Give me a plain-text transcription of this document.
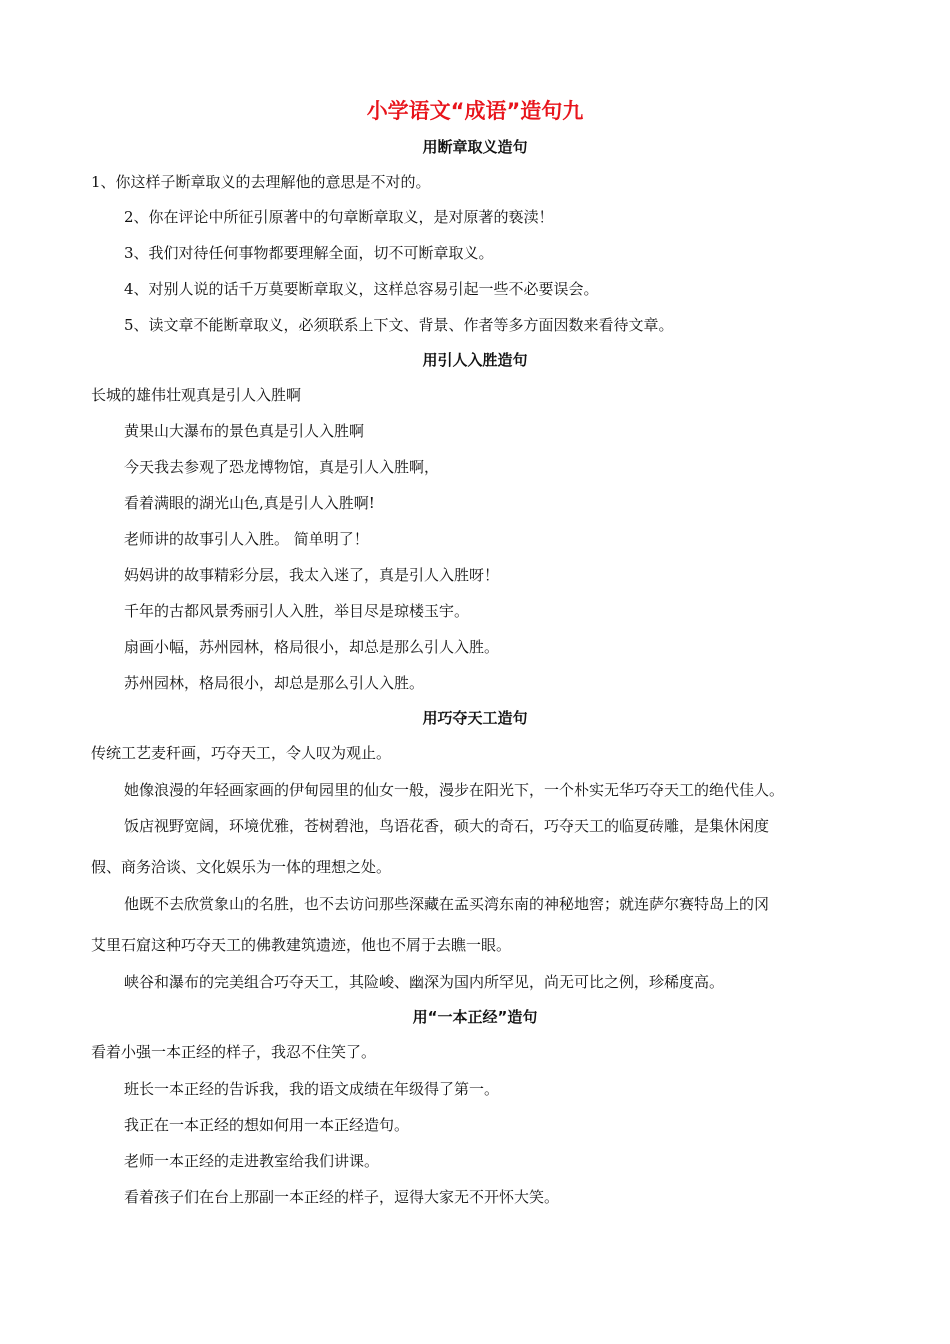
小学语文“成语”造句九
用断章取义造句
1、你这样子断章取义的去理解他的意思是不对的。
2、你在评论中所征引原著中的句章断章取义，是对原著的亵渎！
3、我们对待任何事物都要理解全面，切不可断章取义。
4、对别人说的话千万莫要断章取义，这样总容易引起一些不必要误会。
5、读文章不能断章取义，必须联系上下文、背景、作者等多方面因数来看待文章。
用引人入胜造句
长城的雄伟壮观真是引人入胜啊
黄果山大瀑布的景色真是引人入胜啊
今天我去参观了恐龙博物馆，真是引人入胜啊，
看着满眼的湖光山色,真是引人入胜啊!
老师讲的故事引人入胜。 简单明了！
妈妈讲的故事精彩分层，我太入迷了，真是引人入胜呀！
千年的古都风景秀丽引人入胜，举目尽是琼楼玉宇。
扇画小幅，苏州园林，格局很小，却总是那么引人入胜。
苏州园林，格局很小，却总是那么引人入胜。
用巧夺天工造句
传统工艺麦秆画，巧夺天工，令人叹为观止。
她像浪漫的年轻画家画的伊甸园里的仙女一般，漫步在阳光下，一个朴实无华巧夺天工的绝代佳人。
饭店视野宽阔，环境优雅，苍树碧池，鸟语花香，硕大的奇石，巧夺天工的临夏砖雕，是集休闲度
假、商务洽谈、文化娱乐为一体的理想之处。
他既不去欣赏象山的名胜，也不去访问那些深藏在孟买湾东南的神秘地窖；就连萨尔赛特岛上的冈
艾里石窟这种巧夺天工的佛教建筑遗迹，他也不屑于去瞧一眼。
峡谷和瀑布的完美组合巧夺天工，其险峻、幽深为国内所罕见，尚无可比之例，珍稀度高。
用“一本正经”造句
看着小强一本正经的样子，我忍不住笑了。
班长一本正经的告诉我，我的语文成绩在年级得了第一。
我正在一本正经的想如何用一本正经造句。
老师一本正经的走进教室给我们讲课。
看着孩子们在台上那副一本正经的样子，逗得大家无不开怀大笑。
